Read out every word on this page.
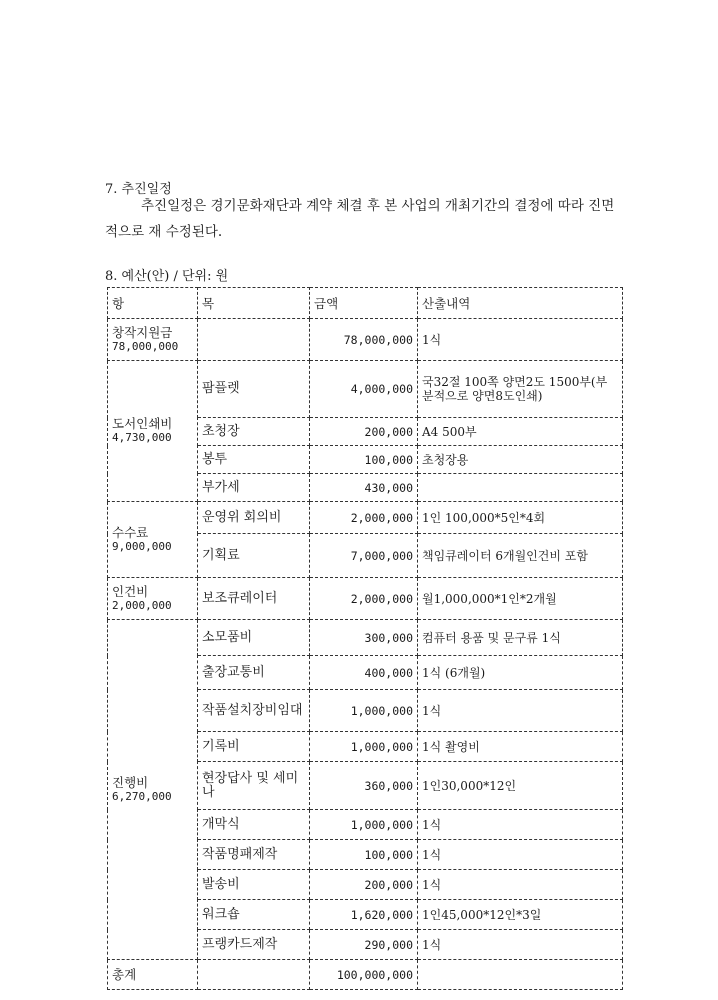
7. 추진일정
추진일정은 경기문화재단과 계약 체결 후 본 사업의 개최기간의 결정에 따라 진면적으로 재 수정된다.
8. 예산(안) / 단위: 원
항	목	금액	산출내역
창작지원금
78,000,000		78,000,000	1식
도서인쇄비
4,730,000	팜플렛	4,000,000	국32절 100쪽 양면2도 1500부(부분적으로 양면8도인쇄)
	초청장	200,000	A4 500부
	봉투	100,000	초청장용
	부가세	430,000	
수수료
9,000,000	운영위 회의비	2,000,000	1인 100,000*5인*4회
	기획료	7,000,000	책임큐레이터 6개월인건비 포함
인건비
2,000,000	보조큐레이터	2,000,000	월1,000,000*1인*2개월
진행비
6,270,000	소모품비	300,000	컴퓨터 용품 및 문구류 1식
	출장교통비	400,000	1식 (6개월)
	작품설치장비임대	1,000,000	1식
	기록비	1,000,000	1식 촬영비
	현장답사 및 세미나	360,000	1인30,000*12인
	개막식	1,000,000	1식
	작품명패제작	100,000	1식
	발송비	200,000	1식
	워크숍	1,620,000	1인45,000*12인*3일
	프랭카드제작	290,000	1식
총계		100,000,000	
